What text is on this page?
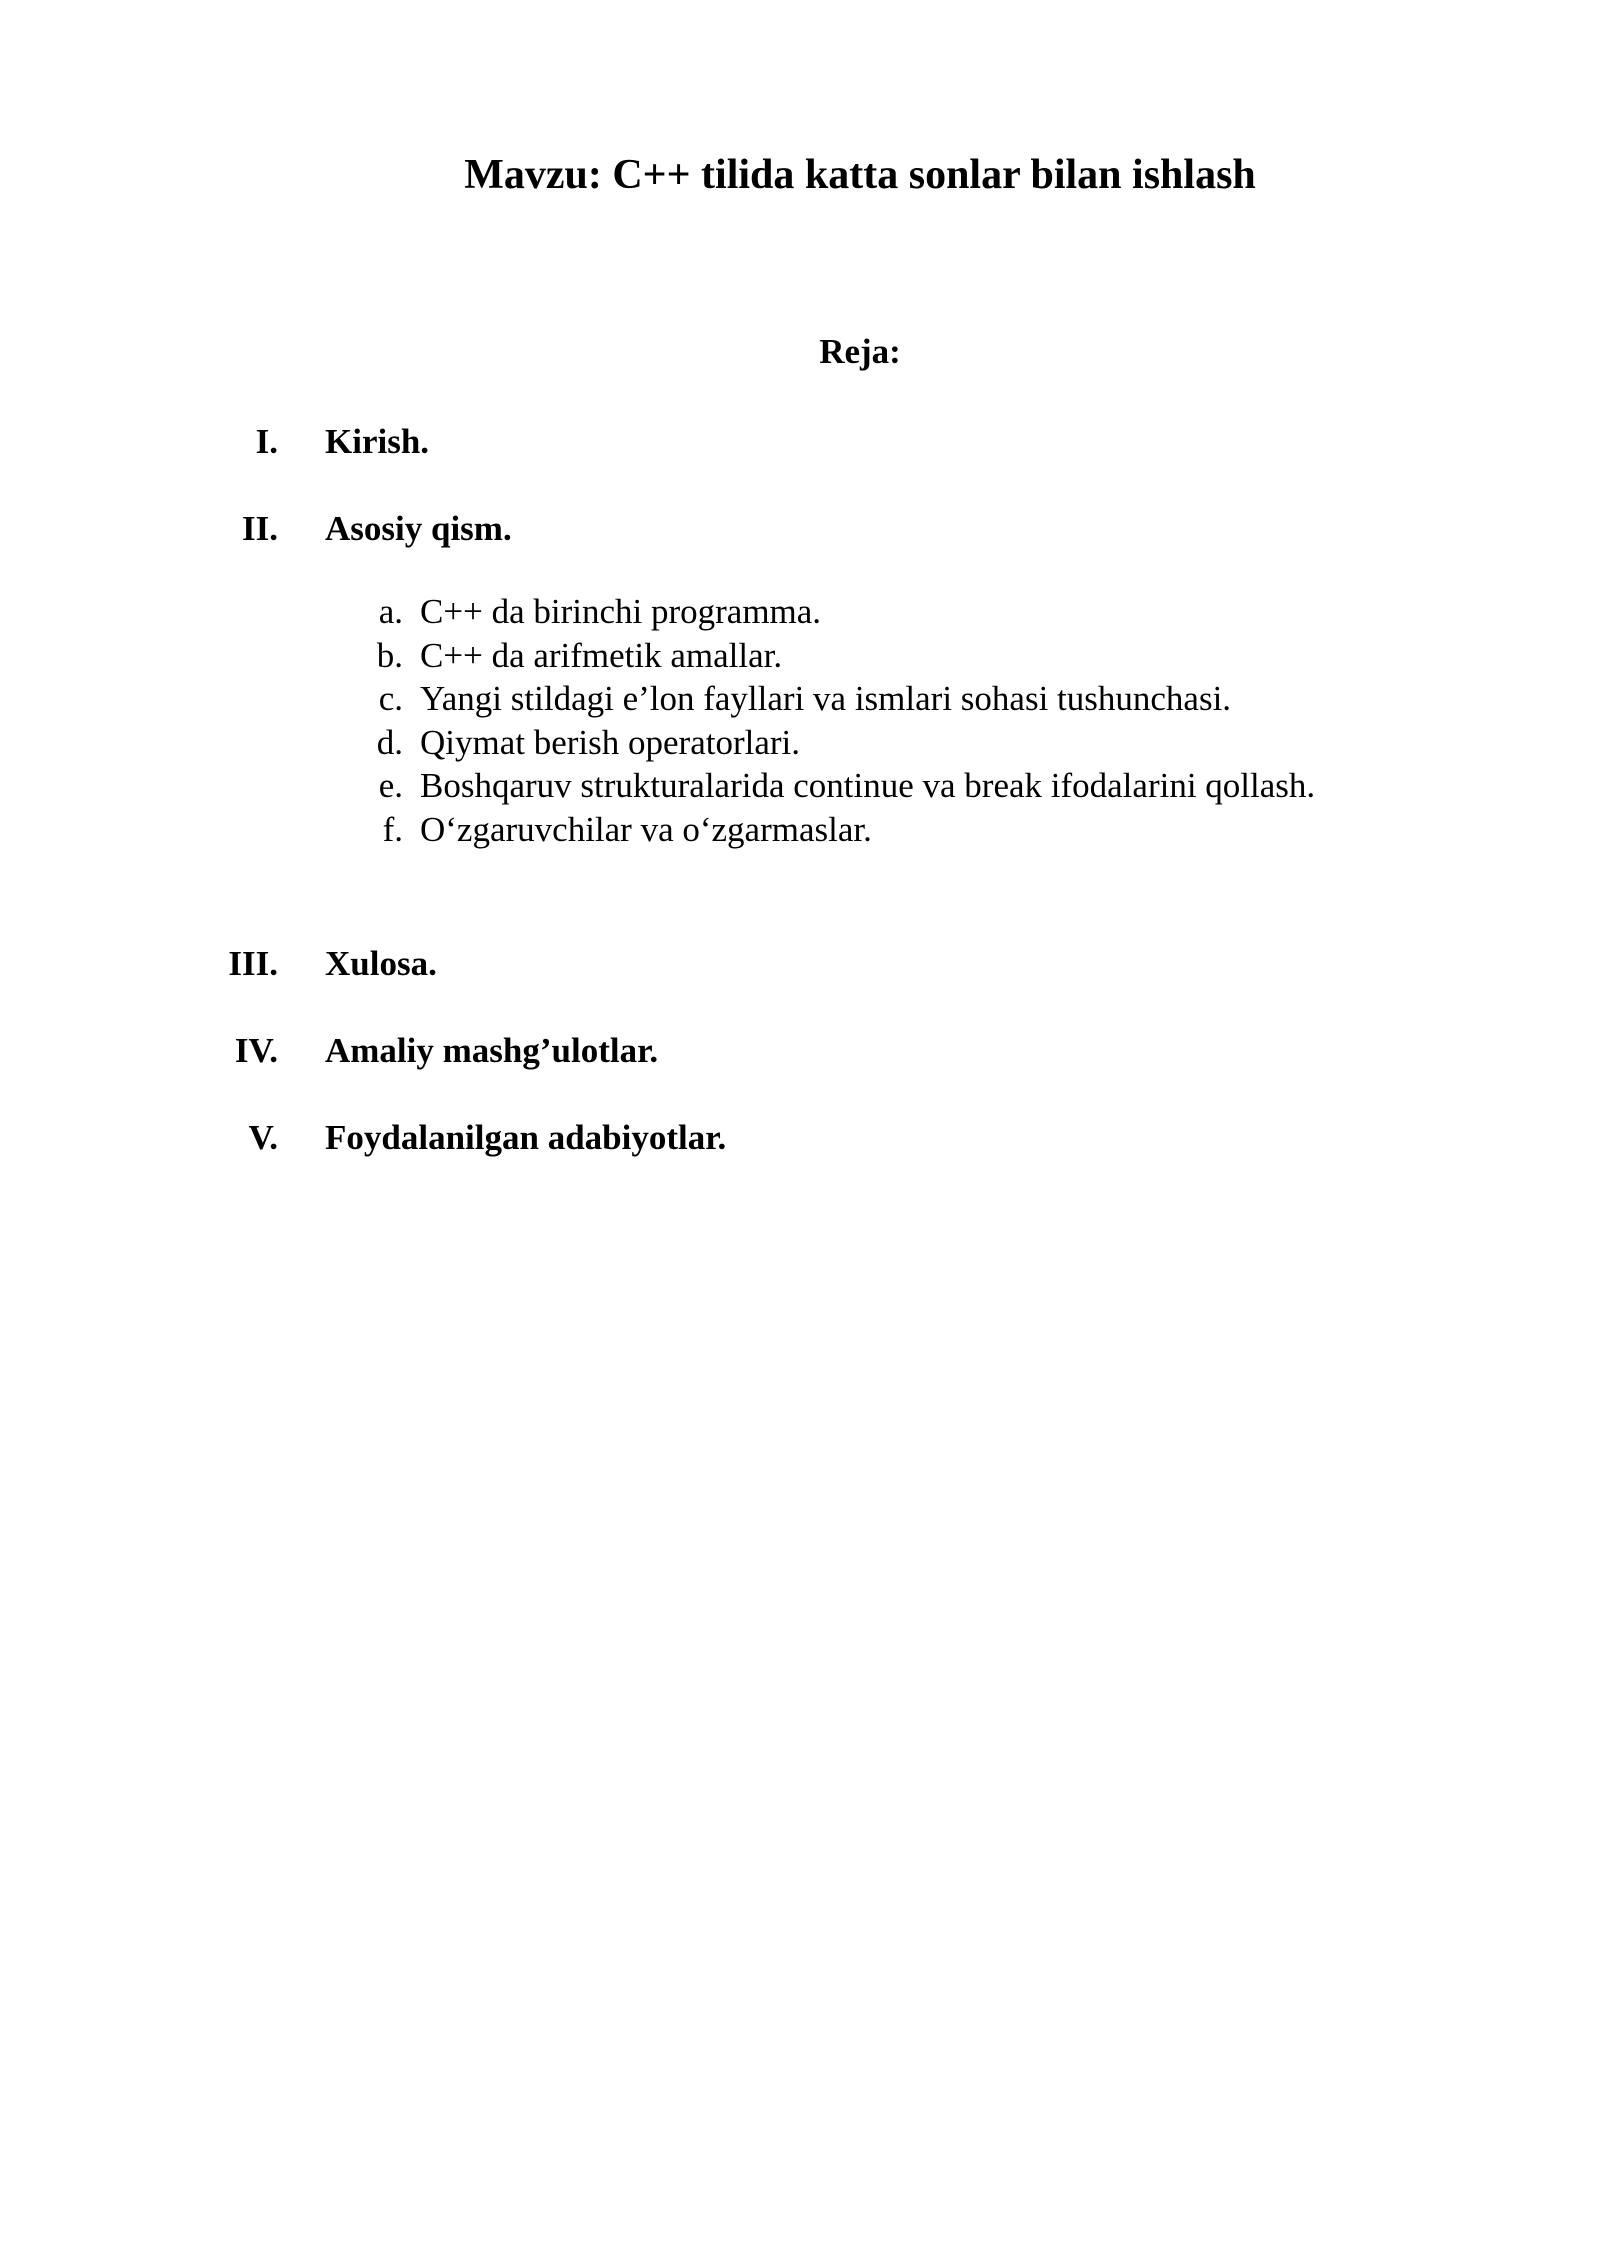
Mavzu: C++ tilida katta sonlar bilan ishlash
Reja:
I. Kirish.
II. Asosiy qism.
a. C++ da birinchi programma.
b. C++ da arifmetik amallar.
c. Yangi stildagi e’lon fayllari va ismlari sohasi tushunchasi.
d. Qiymat berish operatorlari.
e. Boshqaruv strukturalarida continue va break ifodalarini qollash.
f. O‘zgaruvchilar va o‘zgarmaslar.
III. Xulosa.
IV. Amaliy mashg’ulotlar.
V. Foydalanilgan adabiyotlar.
